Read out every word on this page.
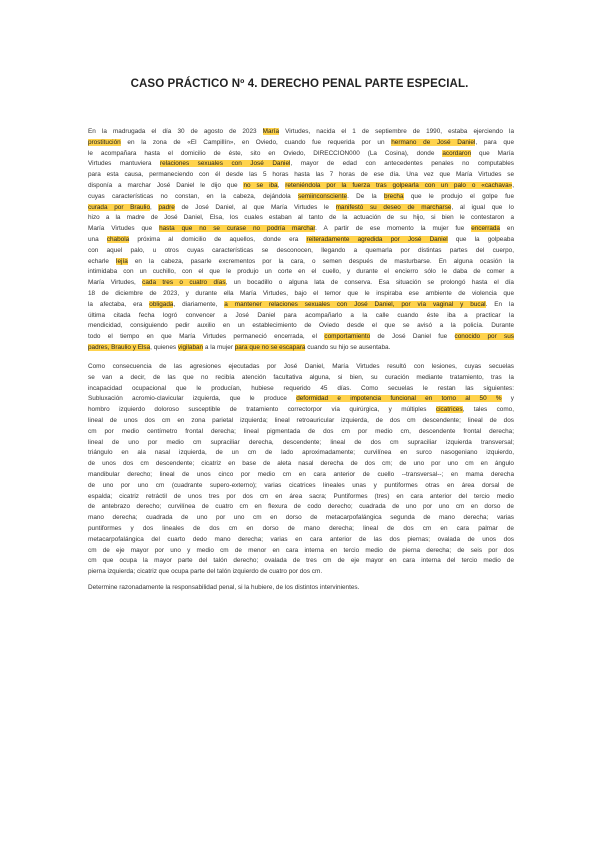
CASO PRÁCTICO Nº 4. DERECHO PENAL PARTE ESPECIAL.
En la madrugada el día 30 de agosto de 2023 María Virtudes, nacida el 1 de septiembre de 1990, estaba ejerciendo la
prostitución en la zona de «El Campillín», en Oviedo, cuando fue requerida por un hermano de José Daniel, para que
le acompañara hasta el domicilio de éste, sito en Oviedo, DIRECCION000 (La Cosina), donde acordaron que María
Virtudes mantuviera relaciones sexuales con José Daniel, mayor de edad con antecedentes penales no computables
para esta causa, permaneciendo con él desde las 5 horas hasta las 7 horas de ese día. Una vez que María Virtudes se
disponía a marchar José Daniel le dijo que no se iba, reteniéndola por la fuerza tras golpearla con un palo o «cachava»,
cuyas características no constan, en la cabeza, dejándola semiinconsciente. De la brecha que le produjo el golpe fue
curada por Braulio, padre de José Daniel, al que María Virtudes le manifestó su deseo de marcharse, al igual que lo
hizo a la madre de José Daniel, Elsa, los cuales estaban al tanto de la actuación de su hijo, si bien le contestaron a
María Virtudes que hasta que no se curase no podría marchar. A partir de ese momento la mujer fue encerrada en
una chabola próxima al domicilio de aquellos, donde era reiteradamente agredida por José Daniel que la golpeaba
con aquel palo, u otros cuyas características se desconocen, llegando a quemarla por distintas partes del cuerpo,
echarle lejía en la cabeza, pasarle excrementos por la cara, o semen después de masturbarse. En alguna ocasión la
intimidaba con un cuchillo, con el que le produjo un corte en el cuello, y durante el encierro sólo le daba de comer a
María Virtudes, cada tres o cuatro días, un bocadillo o alguna lata de conserva. Esa situación se prolongó hasta el día
18 de diciembre de 2023, y durante ella María Virtudes, bajo el temor que le inspiraba ese ambiente de violencia que
la afectaba, era obligada, diariamente, a mantener relaciones sexuales con José Daniel, por vía vaginal y bucal. En la
última citada fecha logró convencer a José Daniel para acompañarlo a la calle cuando éste iba a practicar la
mendicidad, consiguiendo pedir auxilio en un establecimiento de Oviedo desde el que se avisó a la policía. Durante
todo el tiempo en que María Virtudes permaneció encerrada, el comportamiento de José Daniel fue conocido por sus
padres, Braulio y Elsa, quienes vigilaban a la mujer para que no se escapara cuando su hijo se ausentaba.
Como consecuencia de las agresiones ejecutadas por José Daniel, María Virtudes resultó con lesiones, cuyas secuelas
se van a decir, de las que no recibía atención facultativa alguna, si bien, su curación mediante tratamiento, tras la
incapacidad ocupacional que le producían, hubiese requerido 45 días. Como secuelas le restan las siguientes:
Subluxación acromio-clavicular izquierda, que le produce deformidad e impotencia funcional en torno al 50 % y
hombro izquierdo doloroso susceptible de tratamiento correctorpor vía quirúrgica, y múltiples cicatrices, tales como,
lineal de unos dos cm en zona parietal izquierda; lineal retroauricular izquierda, de dos cm descendente; lineal de dos
cm por medio centímetro frontal derecha; lineal pigmentada de dos cm por medio cm, descendente frontal derecha;
lineal de uno por medio cm supraciliar derecha, descendente; lineal de dos cm supraciliar izquierda transversal;
triángulo en ala nasal izquierda, de un cm de lado aproximadamente; curvilínea en surco nasogeniano izquierdo,
de unos dos cm descendente; cicatriz en base de aleta nasal derecha de dos cm; de uno por uno cm en ángulo
mandibular derecho; lineal de unos cinco por medio cm en cara anterior de cuello --transversal--; en mama derecha
de uno por uno cm (cuadrante supero-externo); varias cicatrices lineales unas y puntiformes otras en área dorsal de
espalda; cicatriz retráctil de unos tres por dos cm en área sacra; Puntiformes (tres) en cara anterior del tercio medio
de antebrazo derecho; curvilínea de cuatro cm en flexura de codo derecho; cuadrada de uno por uno cm en dorso de
mano derecha; cuadrada de uno por uno cm en dorso de metacarpofalángica segunda de mano derecha; varias
puntiformes y dos lineales de dos cm en dorso de mano derecha; lineal de dos cm en cara palmar de
metacarpofalángica del cuarto dedo mano derecha; varias en cara anterior de las dos piernas; ovalada de unos dos
cm de eje mayor por uno y medio cm de menor en cara interna en tercio medio de pierna derecha; de seis por dos
cm que ocupa la mayor parte del talón derecho; ovalada de tres cm de eje mayor en cara interna del tercio medio de
pierna izquierda; cicatriz que ocupa parte del talón izquierdo de cuatro por dos cm.
Determine razonadamente la responsabilidad penal, si la hubiere, de los distintos intervinientes.
